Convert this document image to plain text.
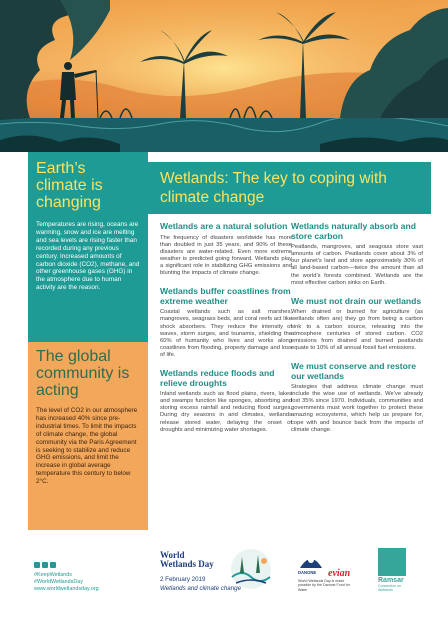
Earth’s climate is changing

Temperatures are rising, oceans are warming, snow and ice are melting and sea levels are rising faster than recorded during any previous century. Increased amounts of carbon dioxide (CO2), methane, and other greenhouse gases (GHG) in the atmosphere due to human activity are the reason.

The global community is acting

The level of CO2 in our atmosphere has increased 40% since pre-industrial times. To limit the impacts of climate change, the global community via the Paris Agreement is seeking to stabilize and reduce GHG emissions, and limit the increase in global average temperature this century to below 2°C.

Wetlands: The key to coping with climate change
Wetlands are a natural solution

The frequency of disasters worldwide has more than doubled in just 35 years, and 90% of these disasters are water-related. Even more extreme weather is predicted going forward. Wetlands play a significant role in stabilizing GHG emissions and blunting the impacts of climate change.

Wetlands buffer coastlines from extreme weather

Coastal wetlands such as salt marshes, mangroves, seagrass beds, and coral reefs act like shock absorbers. They reduce the intensity of waves, storm surges, and tsunamis, shielding the 60% of humanity who lives and works along coastlines from flooding, property damage and loss of life.

Wetlands reduce floods and relieve droughts

Inland wetlands such as flood plains, rivers, lakes and swamps function like sponges, absorbing and storing excess rainfall and reducing flood surges. During dry seasons in arid climates, wetlands release stored water, delaying the onset of droughts and minimizing water shortages.

Wetlands naturally absorb and store carbon

Peatlands, mangroves, and seagrass store vast amounts of carbon. Peatlands cover about 3% of our planet’s land and store approximately 30% of all land-based carbon—twice the amount than all the world’s forests combined. Wetlands are the most effective carbon sinks on Earth.

We must not drain our wetlands

When drained or burned for agriculture (as wetlands often are) they go from being a carbon sink to a carbon source, releasing into the atmosphere centuries of stored carbon. CO2 emissions from drained and burned peatlands equate to 10% of all annual fossil fuel emissions.

We must conserve and restore our wetlands

Strategies that address climate change must include the wise use of wetlands. We’ve already lost 35% since 1970. Individuals, communities and governments must work together to protect these amazing ecosystems, which help us prepare for, cope with and bounce back from the impacts of climate change.

#KeepWetlands
#WorldWetlandsDay
www.worldwetlandsday.org
World
Wetlands Day
2 February 2019
Wetlands and climate change
DANONE evian
World Wetlands Day is made possible by the Danone Fund for Water
Ramsar
Convention on Wetlands
